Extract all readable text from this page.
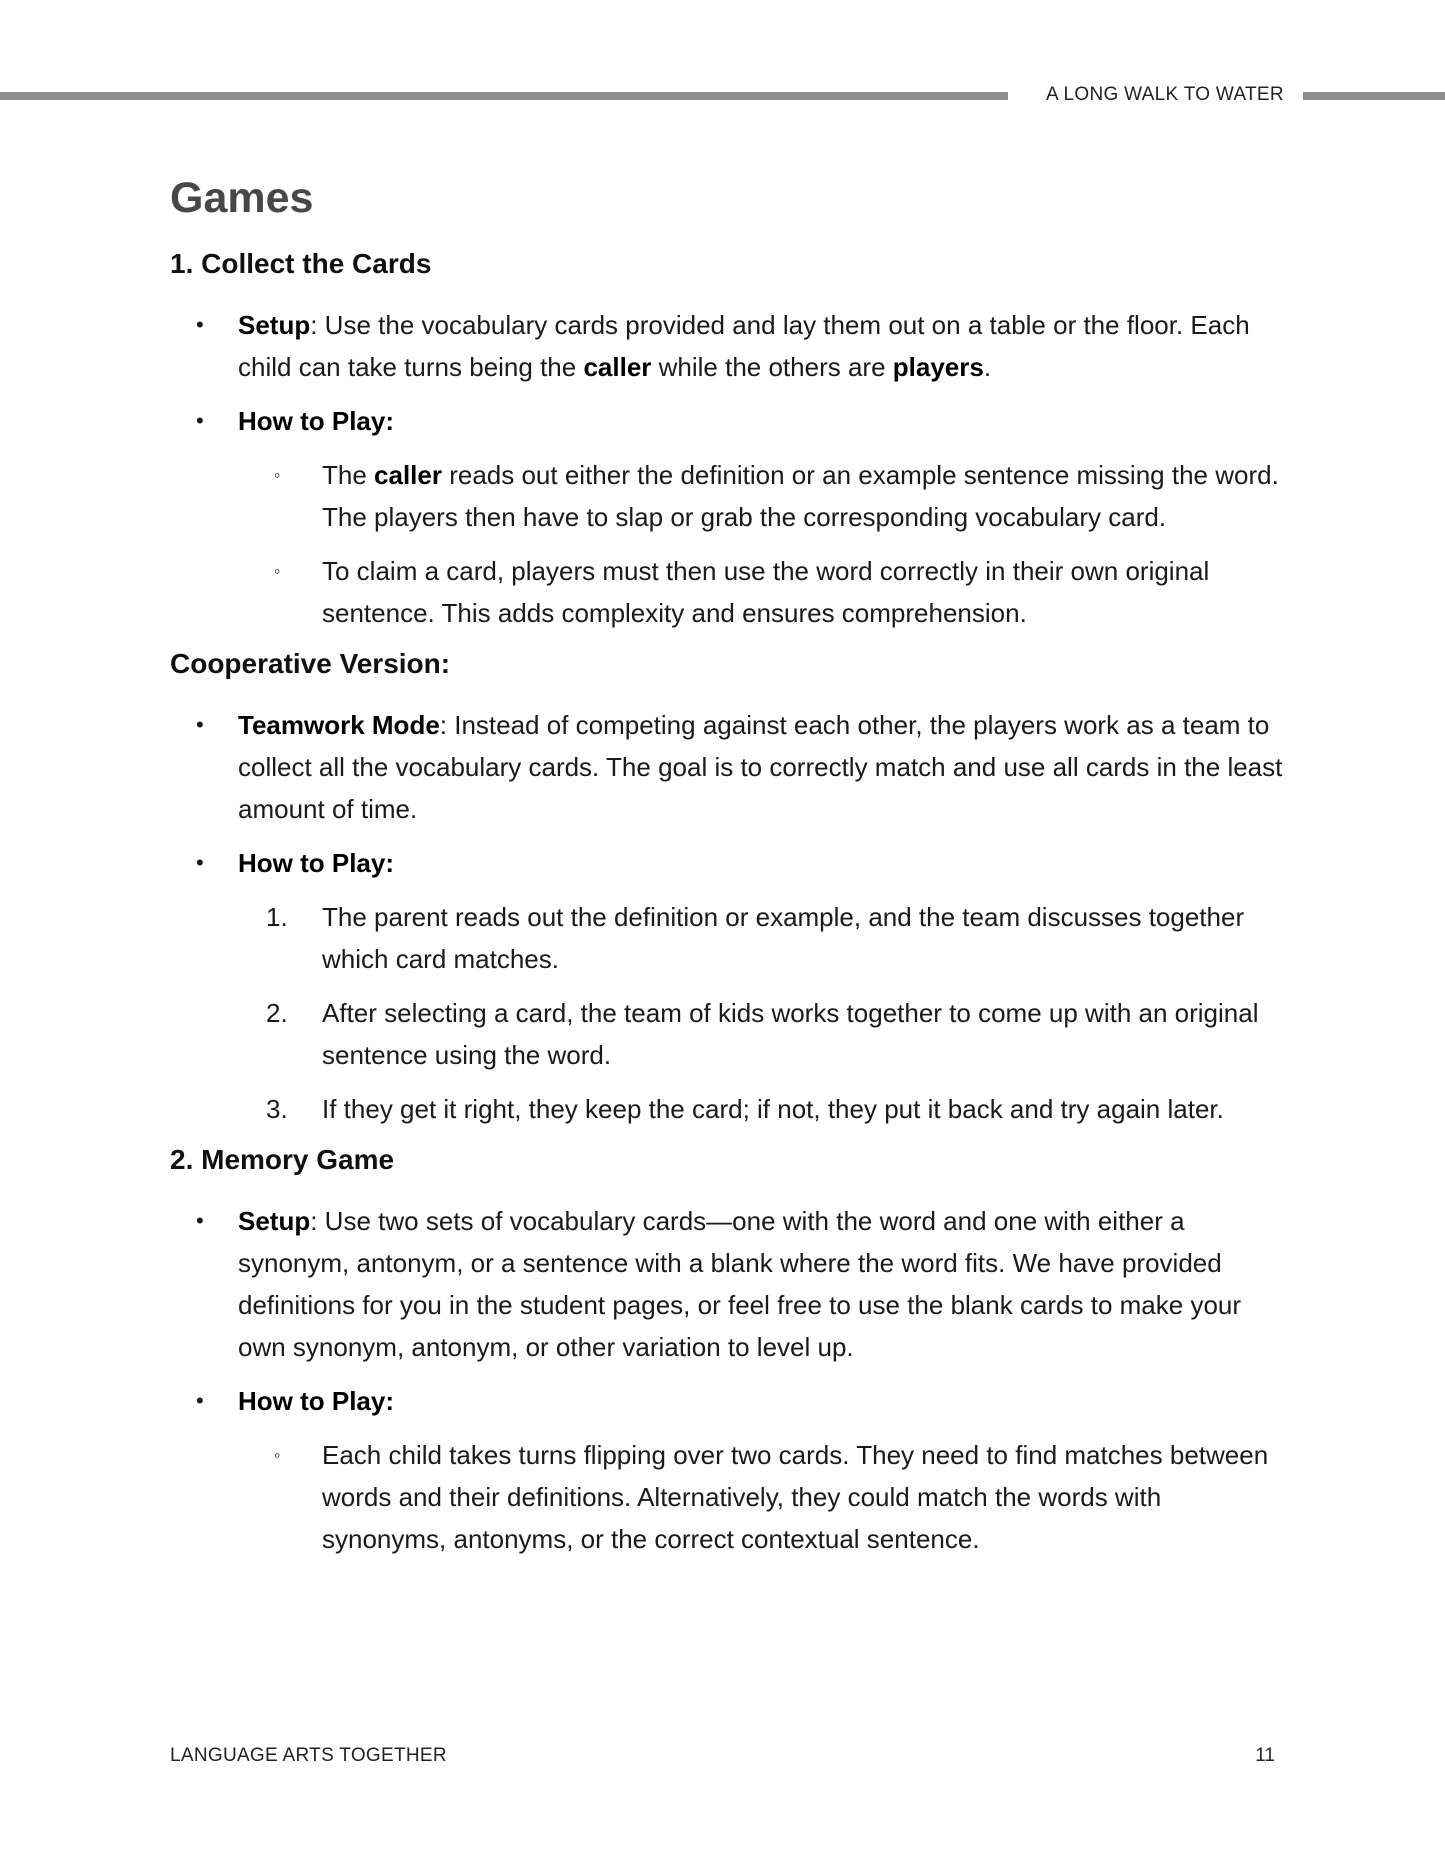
A LONG WALK TO WATER
Games
1. Collect the Cards
• Setup: Use the vocabulary cards provided and lay them out on a table or the floor. Each child can take turns being the caller while the others are players.
• How to Play:
◦ The caller reads out either the definition or an example sentence missing the word. The players then have to slap or grab the corresponding vocabulary card.
◦ To claim a card, players must then use the word correctly in their own original sentence. This adds complexity and ensures comprehension.
Cooperative Version:
• Teamwork Mode: Instead of competing against each other, the players work as a team to collect all the vocabulary cards. The goal is to correctly match and use all cards in the least amount of time.
• How to Play:
1. The parent reads out the definition or example, and the team discusses together which card matches.
2. After selecting a card, the team of kids works together to come up with an original sentence using the word.
3. If they get it right, they keep the card; if not, they put it back and try again later.
2. Memory Game
• Setup: Use two sets of vocabulary cards—one with the word and one with either a synonym, antonym, or a sentence with a blank where the word fits. We have provided definitions for you in the student pages, or feel free to use the blank cards to make your own synonym, antonym, or other variation to level up.
• How to Play:
◦ Each child takes turns flipping over two cards. They need to find matches between words and their definitions. Alternatively, they could match the words with synonyms, antonyms, or the correct contextual sentence.
LANGUAGE ARTS TOGETHER	11
